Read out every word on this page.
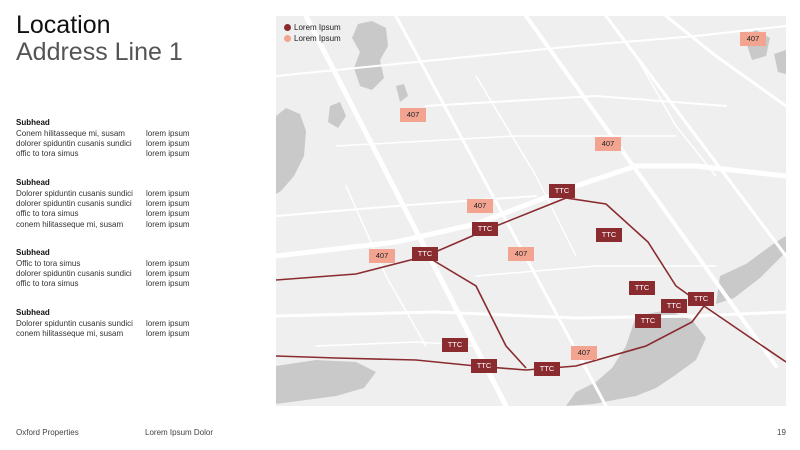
Location
Address Line 1
Subhead
Conem hilitasseque mi, susam	lorem ipsum
dolorer spiduntin cusanis sundici	lorem ipsum
offic to tora simus	lorem ipsum
Subhead
Dolorer spiduntin cusanis sundici	lorem ipsum
dolorer spiduntin cusanis sundici	lorem ipsum
offic to tora simus	lorem ipsum
conem hilitasseque mi, susam	lorem ipsum
Subhead
Offic to tora simus	lorem ipsum
dolorer spiduntin cusanis sundici	lorem ipsum
offic to tora simus	lorem ipsum
Subhead
Dolorer spiduntin cusanis sundici	lorem ipsum
conem hilitasseque mi, susam	lorem ipsum
Lorem Ipsum
Lorem Ipsum	407
407
407
407
407	407
407
TTC
TTC
TTC
TTC
TTC
TTC
TTC
TTC
TTC
TTC	TTC
Oxford Properties	Lorem Ipsum Dolor	19
